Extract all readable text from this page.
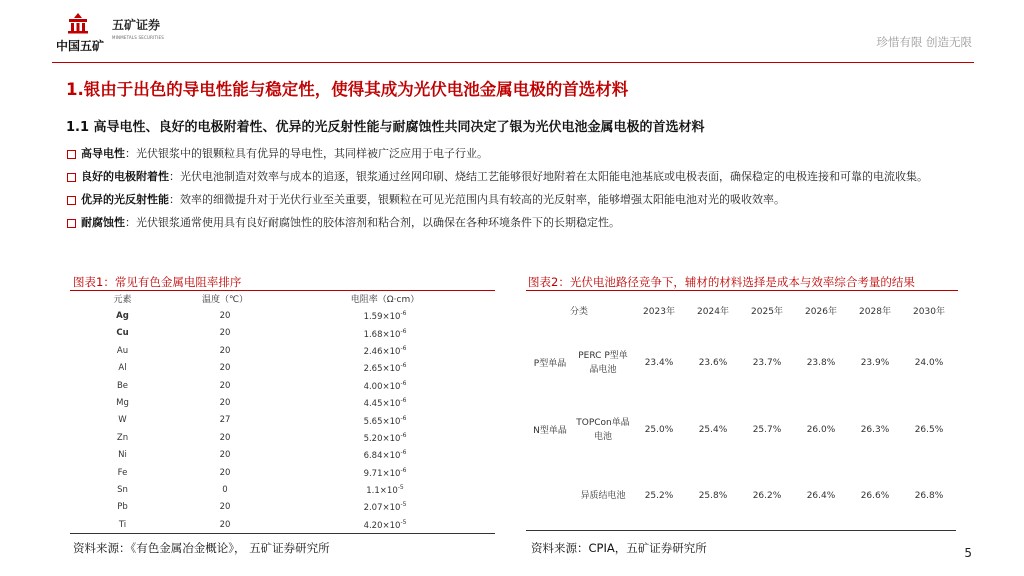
中国五矿
五矿证券
MINMETALS SECURITIES	珍惜有限 创造无限
1.银由于出色的导电性能与稳定性，使得其成为光伏电池金属电极的首选材料
1.1 高导电性、良好的电极附着性、优异的光反射性能与耐腐蚀性共同决定了银为光伏电池金属电极的首选材料
高导电性：光伏银浆中的银颗粒具有优异的导电性，其同样被广泛应用于电子行业。
良好的电极附着性：光伏电池制造对效率与成本的追逐，银浆通过丝网印刷、烧结工艺能够很好地附着在太阳能电池基底或电极表面，确保稳定的电极连接和可靠的电流收集。
优异的光反射性能：效率的细微提升对于光伏行业至关重要，银颗粒在可见光范围内具有较高的光反射率，能够增强太阳能电池对光的吸收效率。
耐腐蚀性：光伏银浆通常使用具有良好耐腐蚀性的胶体溶剂和粘合剂，以确保在各种环境条件下的长期稳定性。
图表1：常见有色金属电阻率排序
元素	温度（℃）	电阻率（Ω·cm）
Ag	20	$1.59\times 10^{-6}$
Cu	20	$1.68\times 10^{-6}$
Au	20	$2.46\times 10^{-6}$
Al	20	$2.65\times 10^{-6}$
Be	20	$4.00\times 10^{-6}$
Mg	20	$4.45\times 10^{-6}$
W	27	$5.65\times 10^{-6}$
Zn	20	$5.20\times 10^{-6}$
Ni	20	$6.84\times 10^{-6}$
Fe	20	$9.71\times 10^{-6}$
Sn	0	$1.1\times 10^{-5}$
Pb	20	$2.07\times 10^{-5}$
Ti	20	$4.20\times 10^{-5}$
资料来源：《有色金属冶金概论》， 五矿证券研究所
图表2：光伏电池路径竞争下，辅材的材料选择是成本与效率综合考量的结果
分类		2023年	2024年	2025年	2026年	2028年	2030年
P型单晶	PERC P型单晶电池	23.4%	23.6%	23.7%	23.8%	23.9%	24.0%
N型单晶	TOPCon单晶电池	25.0%	25.4%	25.7%	26.0%	26.3%	26.5%
	异质结电池	25.2%	25.8%	26.2%	26.4%	26.6%	26.8%
资料来源：CPIA，五矿证券研究所	5
